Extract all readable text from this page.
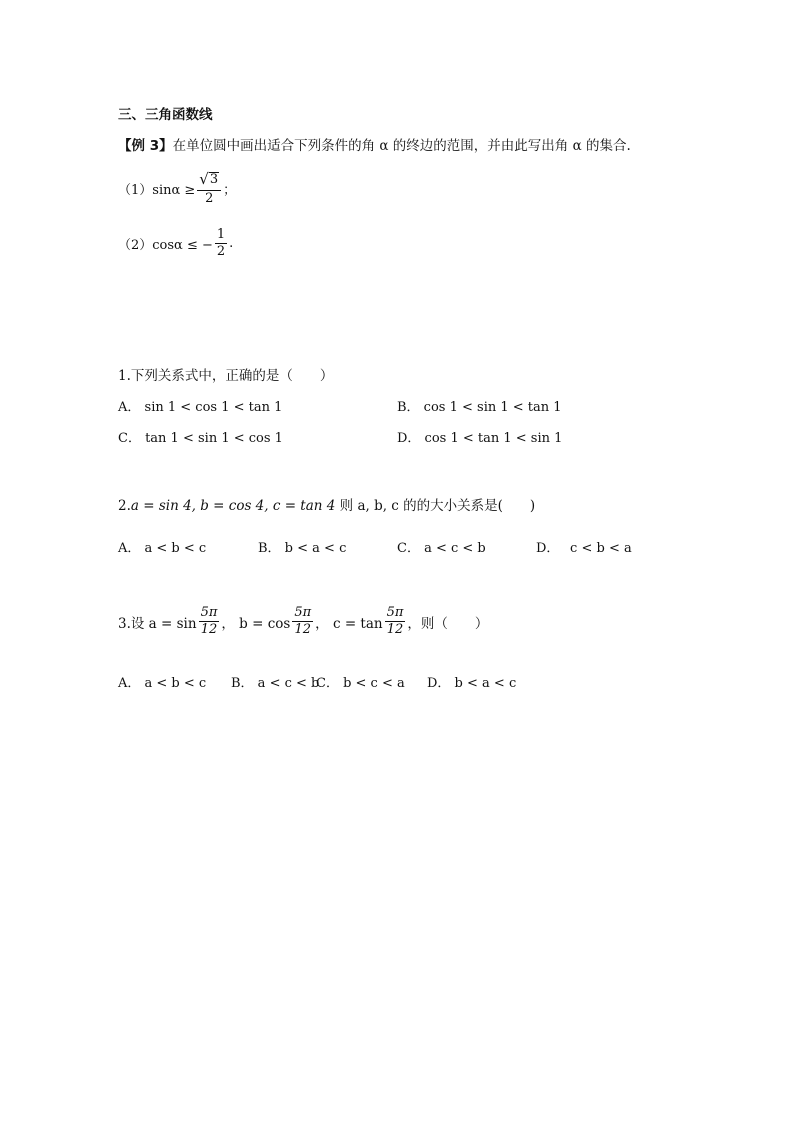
三、三角函数线
【例 3】在单位圆中画出适合下列条件的角 α 的终边的范围，并由此写出角 α 的集合.
$(1)\sin\alpha \ge \frac{√ 3}{2}$ ；
（2）cosα ≤ − $\frac{1}{2}$ .
1.下列关系式中，正确的是（　　）
A． sin 1 < cos 1 < tan 1	B． cos 1 < sin 1 < tan 1
C． tan 1 < sin 1 < cos 1	D． cos 1 < tan 1 < sin 1
2.a = sin 4, b = cos 4, c = tan 4 则 a, b, c 的的大小关系是(　　)
A． a < b < c	B． b < a < c	C． a < c < b	D．　 c < b < a
3.设 $a = \sin \frac{5\pi}{12}$ ， $b = \cos \frac{5\pi}{12}$ ， $c = \tan \frac{5\pi}{12}$ ，则（　　）
A． a < b < c B． a < c < b
C． b < c < a D． b < a < c
